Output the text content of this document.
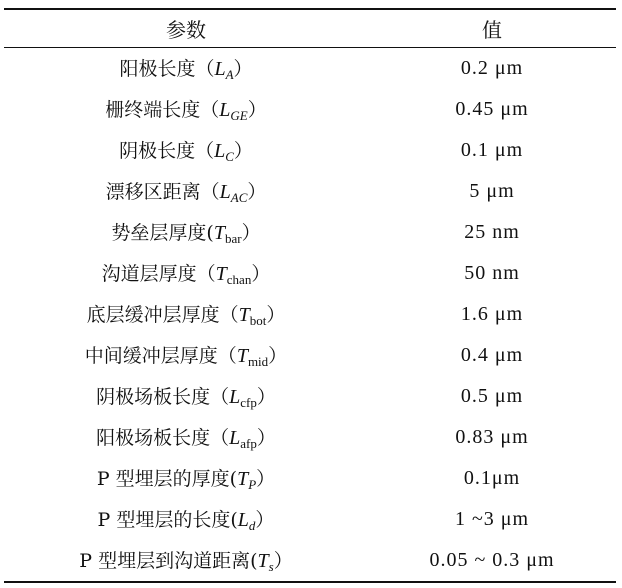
参数	值
阳极长度$(L_A)$	0.2 μm
栅终端长度$(L_{GE})$	0.45 μm
阴极长度$(L_C)$	0.1 μm
漂移区距离$(L_{AC})$	5 μm
势垒层厚度$(T_{bar})$	25 nm
沟道层厚度$(T_{chan})$	50 nm
底层缓冲层厚度$(T_{bot})$	1.6 μm
中间缓冲层厚度$(T_{mid})$	0.4 μm
阴极场板长度$(L_{cfp})$	0.5 μm
阳极场板长度$(L_{afp})$	0.83 μm
P 型埋层的厚度$(T_P)$	0.1μm
P 型埋层的长度$(L_d)$	1 ~3 μm
P 型埋层到沟道距离$(T_s)$	0.05 ~ 0.3 μm
